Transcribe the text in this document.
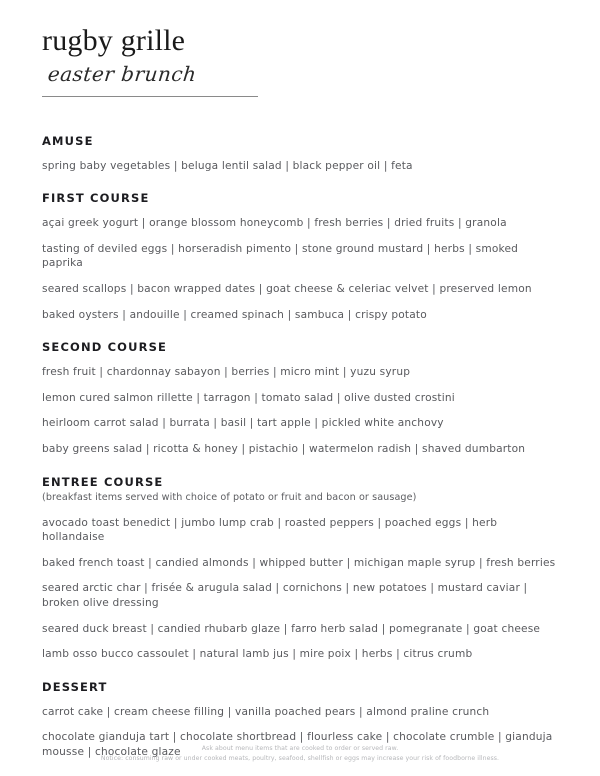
rugby grille
easter brunch
AMUSE

spring baby vegetables | beluga lentil salad | black pepper oil | feta

FIRST COURSE

açai greek yogurt | orange blossom honeycomb | fresh berries | dried fruits | granola

tasting of deviled eggs | horseradish pimento | stone ground mustard | herbs | smoked paprika

seared scallops | bacon wrapped dates | goat cheese & celeriac velvet | preserved lemon

baked oysters | andouille | creamed spinach | sambuca | crispy potato

SECOND COURSE

fresh fruit | chardonnay sabayon | berries | micro mint | yuzu syrup

lemon cured salmon rillette | tarragon | tomato salad | olive dusted crostini

heirloom carrot salad | burrata | basil | tart apple | pickled white anchovy

baby greens salad | ricotta & honey | pistachio | watermelon radish | shaved dumbarton

ENTREE COURSE

(breakfast items served with choice of potato or fruit and bacon or sausage)

avocado toast benedict | jumbo lump crab | roasted peppers | poached eggs | herb hollandaise

baked french toast | candied almonds | whipped butter | michigan maple syrup | fresh berries

seared arctic char | frisée & arugula salad | cornichons | new potatoes | mustard caviar | broken olive dressing

seared duck breast | candied rhubarb glaze | farro herb salad | pomegranate | goat cheese

lamb osso bucco cassoulet | natural lamb jus | mire poix | herbs | citrus crumb

DESSERT

carrot cake | cream cheese filling | vanilla poached pears | almond praline crunch

chocolate gianduja tart | chocolate shortbread | flourless cake | chocolate crumble | gianduja mousse | chocolate glaze	Ask about menu items that are cooked to order or served raw.

Notice: consuming raw or under cooked meats, poultry, seafood, shellfish or eggs may increase your risk of foodborne illness.
